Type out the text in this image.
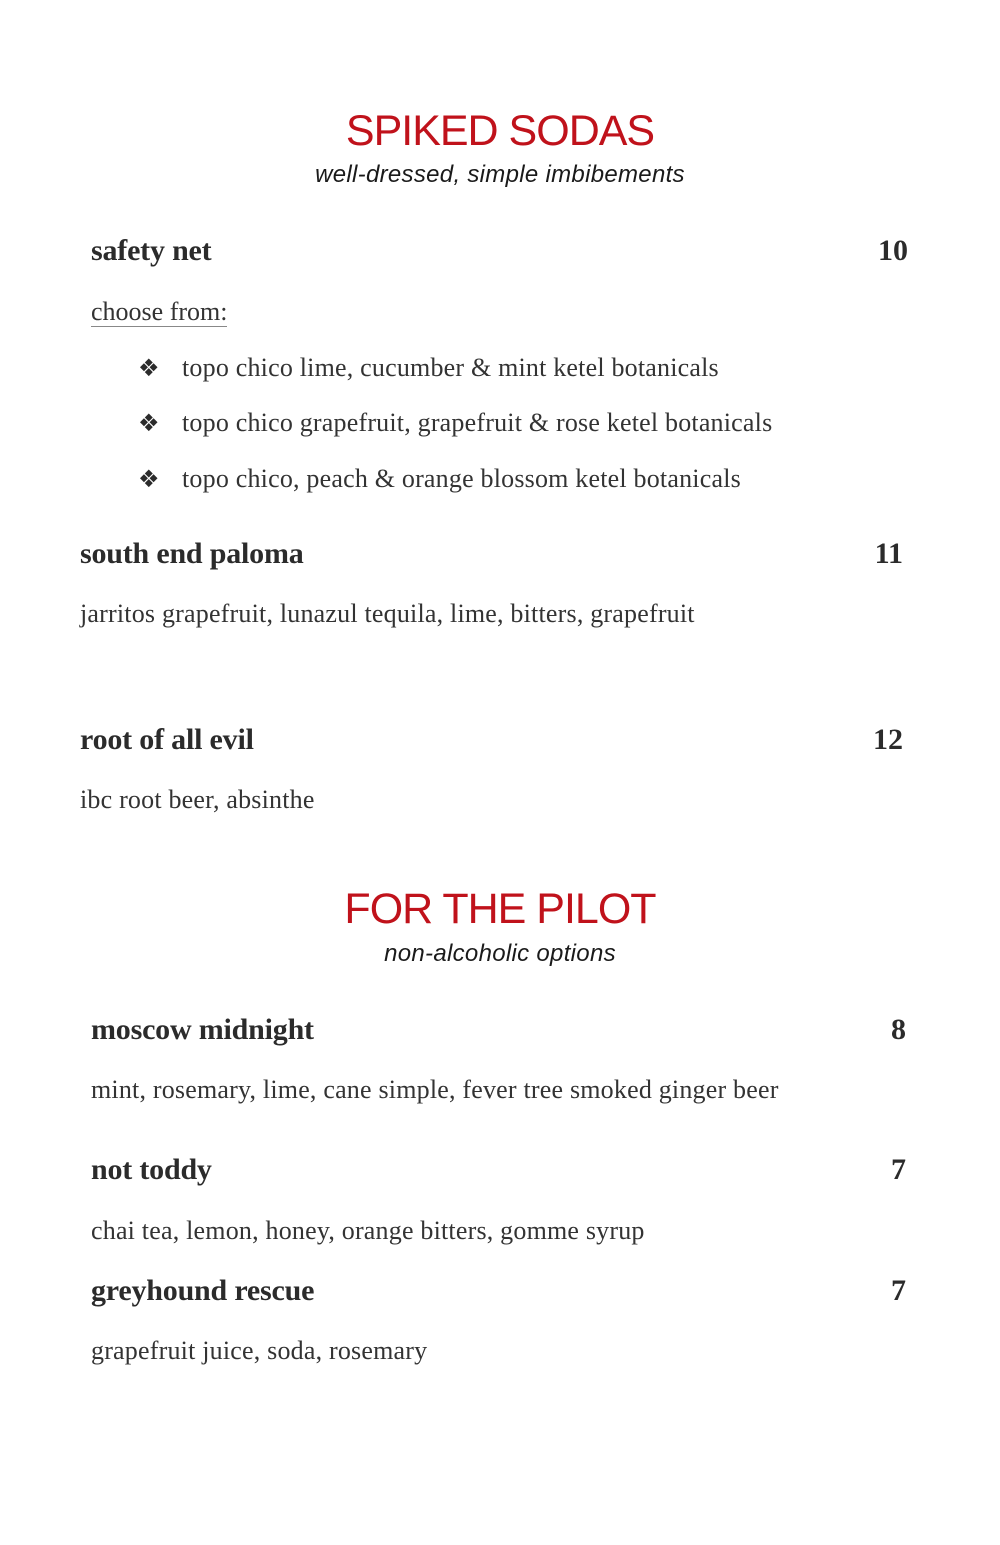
SPIKED SODAS
well-dressed, simple imbibements
safety net	10
choose from:
❖ topo chico lime, cucumber & mint ketel botanicals
❖ topo chico grapefruit, grapefruit & rose ketel botanicals
❖ topo chico, peach & orange blossom ketel botanicals
south end paloma	11
jarritos grapefruit, lunazul tequila, lime, bitters, grapefruit
root of all evil	12
ibc root beer, absinthe
FOR THE PILOT
non-alcoholic options
moscow midnight	8
mint, rosemary, lime, cane simple, fever tree smoked ginger beer
not toddy	7
chai tea, lemon, honey, orange bitters, gomme syrup
greyhound rescue	7
grapefruit juice, soda, rosemary
